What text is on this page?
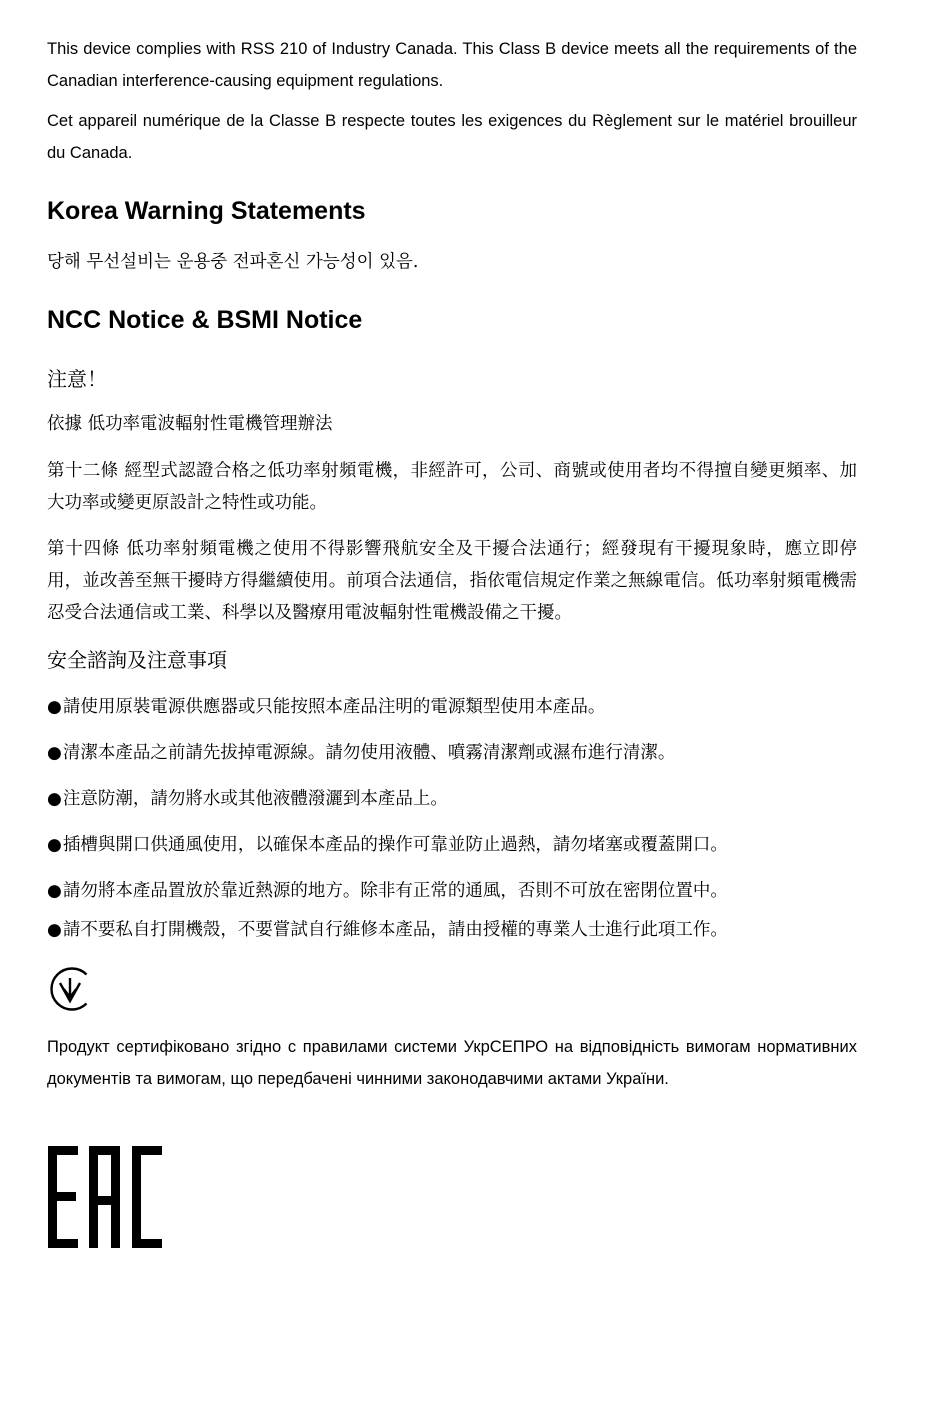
This device complies with RSS 210 of Industry Canada. This Class B device meets all the requirements of the Canadian interference-causing equipment regulations.

Cet appareil numérique de la Classe B respecte toutes les exigences du Règlement sur le matériel brouilleur du Canada.

Korea Warning Statements

당해 무선설비는 운용중 전파혼신 가능성이 있음.

NCC Notice & BSMI Notice

注意！

依據 低功率電波輻射性電機管理辦法

第十二條 經型式認證合格之低功率射頻電機，非經許可，公司、商號或使用者均不得擅自變更頻率、加大功率或變更原設計之特性或功能。

第十四條 低功率射頻電機之使用不得影響飛航安全及干擾合法通行；經發現有干擾現象時，應立即停用，並改善至無干擾時方得繼續使用。前項合法通信，指依電信規定作業之無線電信。低功率射頻電機需忍受合法通信或工業、科學以及醫療用電波輻射性電機設備之干擾。

安全諮詢及注意事項

●請使用原裝電源供應器或只能按照本產品注明的電源類型使用本產品。

●清潔本產品之前請先拔掉電源線。請勿使用液體、噴霧清潔劑或濕布進行清潔。

●注意防潮，請勿將水或其他液體潑灑到本產品上。

●插槽與開口供通風使用，以確保本產品的操作可靠並防止過熱，請勿堵塞或覆蓋開口。

●請勿將本產品置放於靠近熱源的地方。除非有正常的通風，否則不可放在密閉位置中。

●請不要私自打開機殼，不要嘗試自行維修本產品，請由授權的專業人士進行此項工作。

Продукт сертифіковано згідно с правилами системи УкрСЕПРО на відповідність вимогам нормативних документів та вимогам, що передбачені чинними законодавчими актами України.
